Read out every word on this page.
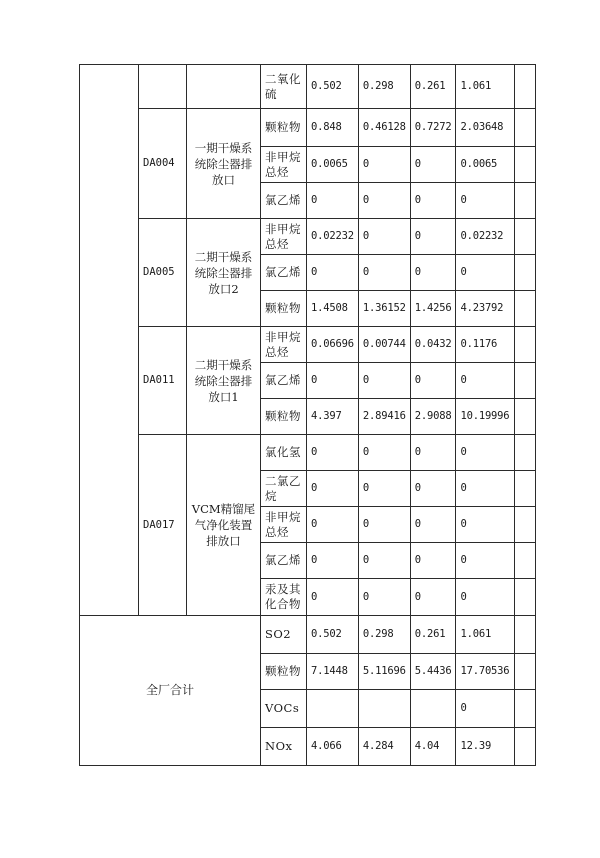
			二氧化硫	0.502	0.298	0.261	1.061	
	DA004	一期干燥系统除尘器排放口	颗粒物	0.848	0.46128	0.7272	2.03648	
			非甲烷总烃	0.0065	0	0	0.0065	
			氯乙烯	0	0	0	0	
	DA005	二期干燥系统除尘器排放口2	非甲烷总烃	0.02232	0	0	0.02232	
			氯乙烯	0	0	0	0	
			颗粒物	1.4508	1.36152	1.4256	4.23792	
	DA011	二期干燥系统除尘器排放口1	非甲烷总烃	0.06696	0.00744	0.0432	0.1176	
			氯乙烯	0	0	0	0	
			颗粒物	4.397	2.89416	2.9088	10.19996	
	DA017	VCM精馏尾气净化装置排放口	氯化氢	0	0	0	0	
			二氯乙烷	0	0	0	0	
			非甲烷总烃	0	0	0	0	
			氯乙烯	0	0	0	0	
			汞及其化合物	0	0	0	0	
全厂合计			SO2	0.502	0.298	0.261	1.061	
			颗粒物	7.1448	5.11696	5.4436	17.70536	
			VOCs				0	
			NOx	4.066	4.284	4.04	12.39	
